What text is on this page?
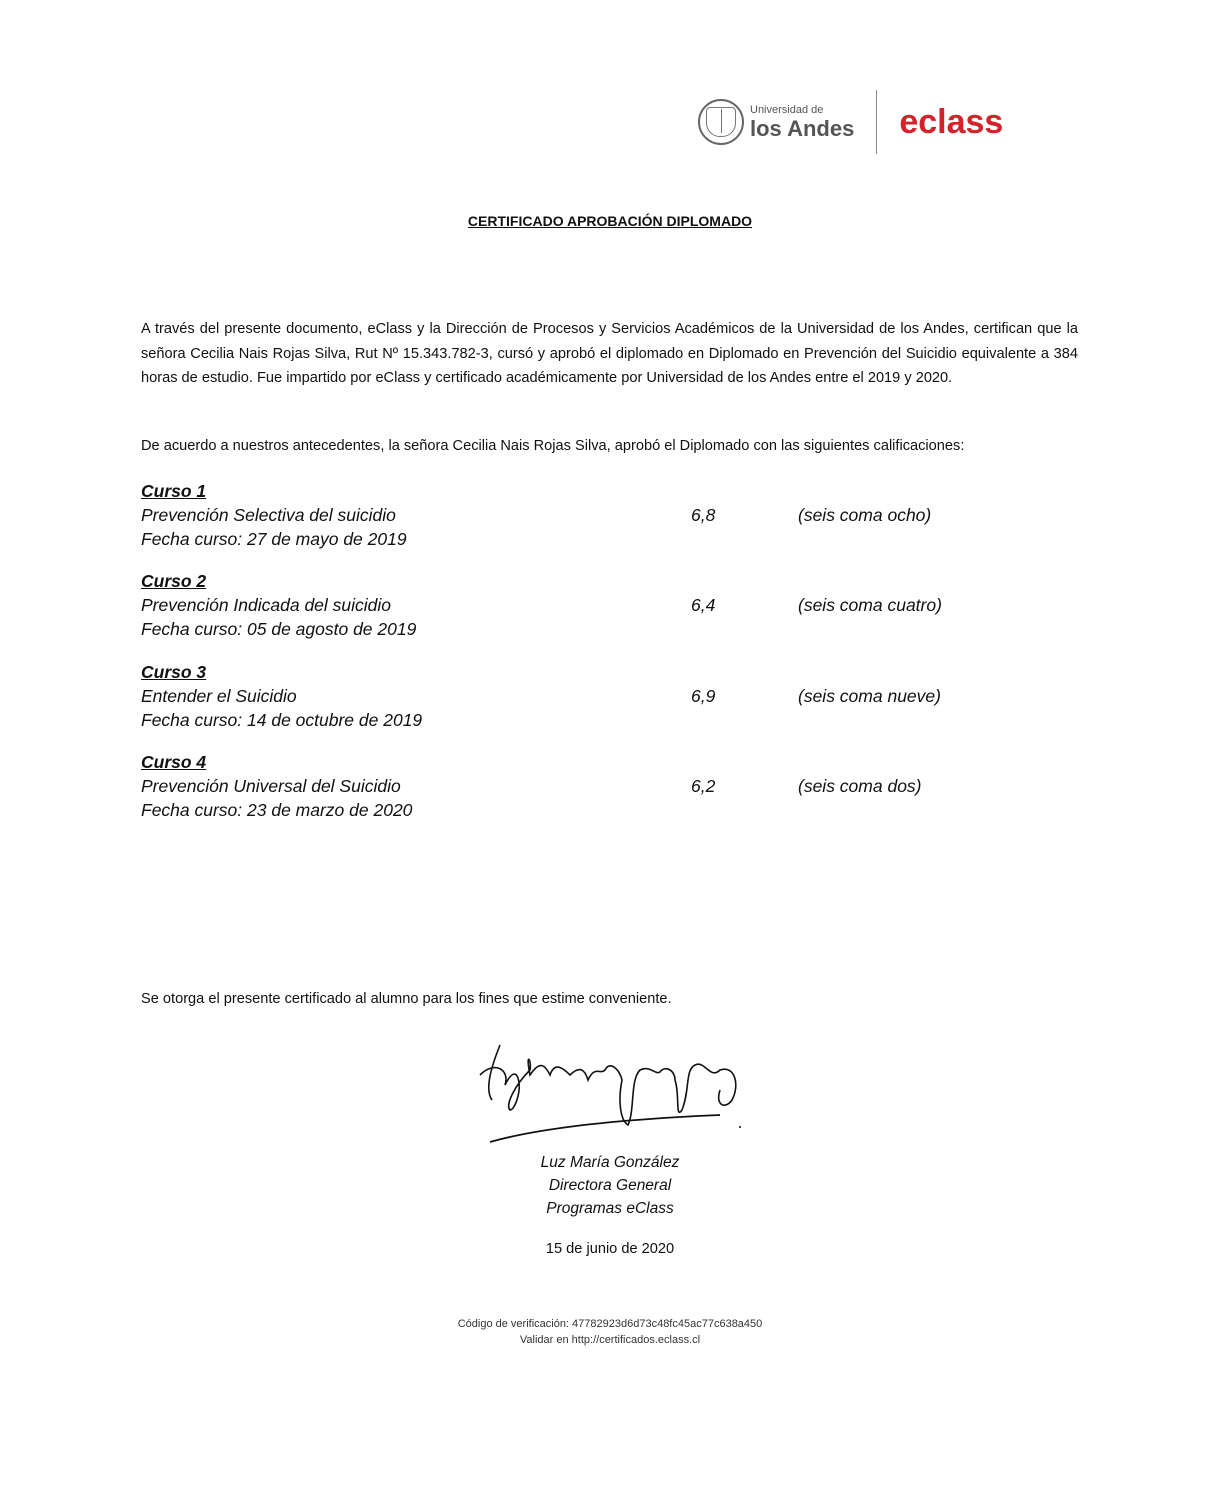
Universidad de
los Andes eclass
CERTIFICADO APROBACIÓN DIPLOMADO
A través del presente documento, eClass y la Dirección de Procesos y Servicios Académicos de la Universidad de los Andes, certifican que la señora Cecilia Nais Rojas Silva, Rut Nº 15.343.782-3, cursó y aprobó el diplomado en Diplomado en Prevención del Suicidio equivalente a 384 horas de estudio. Fue impartido por eClass y certificado académicamente por Universidad de los Andes entre el 2019 y 2020.
De acuerdo a nuestros antecedentes, la señora Cecilia Nais Rojas Silva, aprobó el Diplomado con las siguientes calificaciones:
Curso 1
Prevención Selectiva del suicidio	6,8	(seis coma ocho)
Fecha curso: 27 de mayo de 2019
Curso 2
Prevención Indicada del suicidio	6,4	(seis coma cuatro)
Fecha curso: 05 de agosto de 2019
Curso 3
Entender el Suicidio	6,9	(seis coma nueve)
Fecha curso: 14 de octubre de 2019
Curso 4
Prevención Universal del Suicidio	6,2	(seis coma dos)
Fecha curso: 23 de marzo de 2020
Se otorga el presente certificado al alumno para los fines que estime conveniente.
Luz María González
Directora General
Programas eClass
15 de junio de 2020
Código de verificación: 47782923d6d73c48fc45ac77c638a450
Validar en http://certificados.eclass.cl
